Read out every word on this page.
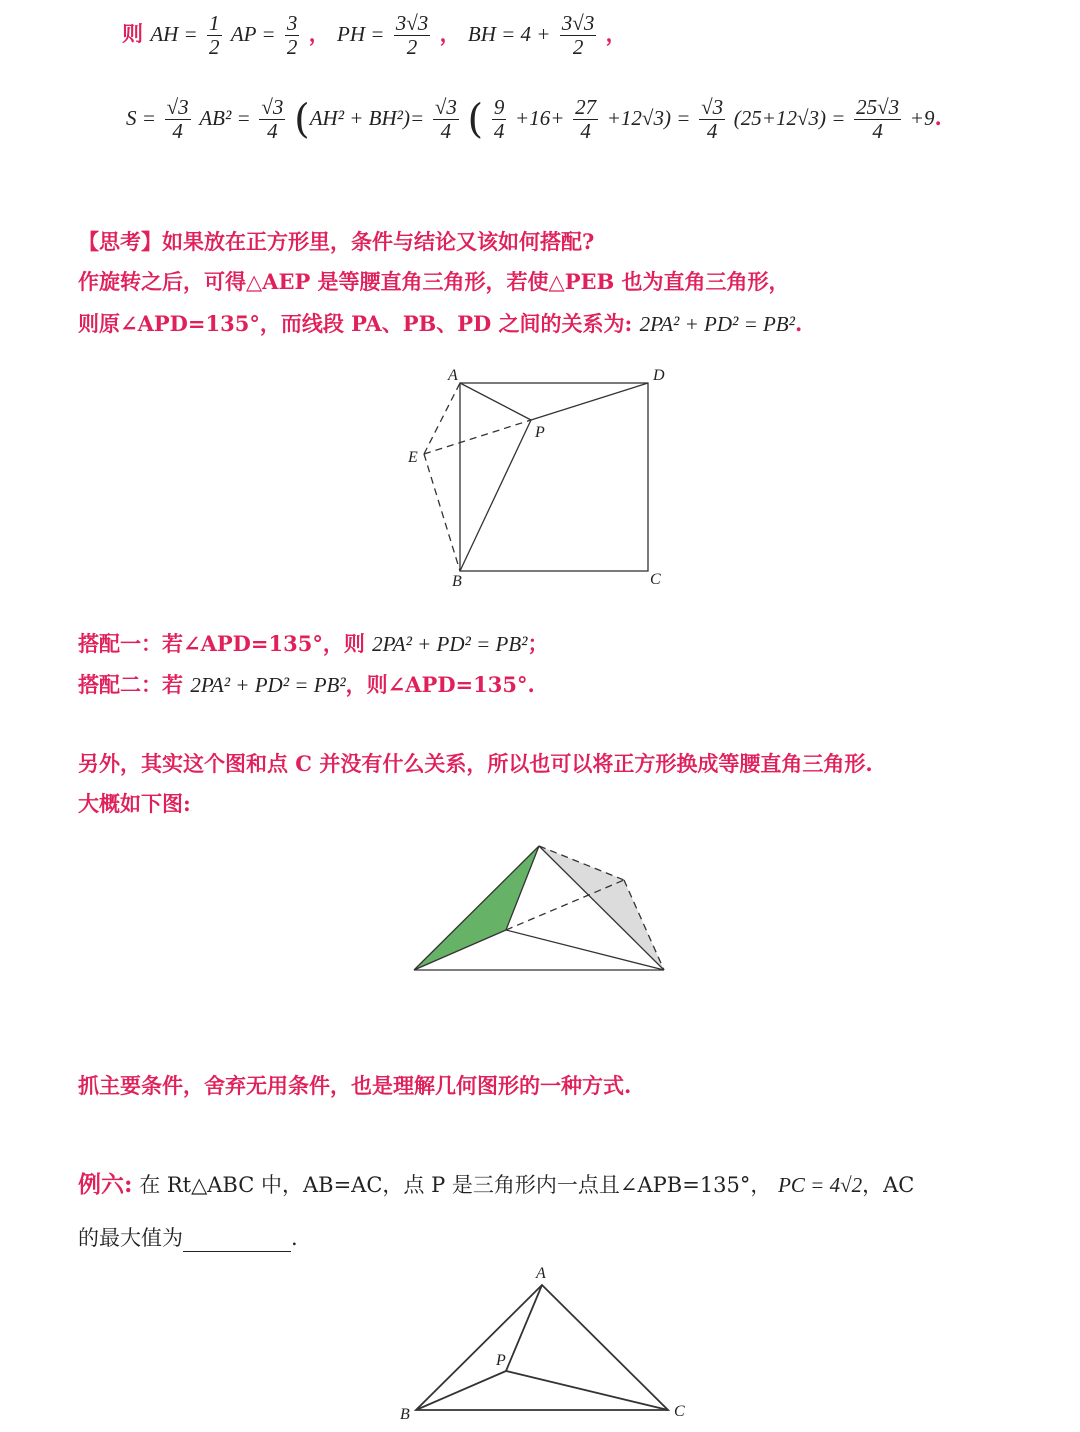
则 AH = $\frac{1}{2}$ AP = $\frac{3}{2}$ ， PH = $\frac{3√3}{2}$ ， BH = $4 + \frac{3√3}{2}$ ，
$S = \frac{√3}{4} AB^2 = \frac{√3}{4} (AH^2 + BH^2)= \frac{√3}{4}$ ( $\frac{9}{4} +16+ \frac{27}{4} +12√3) = \frac{√3}{4} (25+12√3) = \frac{25√3}{4} +9$.
【思考】如果放在正方形里，条件与结论又该如何搭配?
作旋转之后，可得△AEP 是等腰直角三角形，若使△PEB 也为直角三角形，
则原∠APD=135°，而线段 PA、PB、PD 之间的关系为: 2PA² + PD² = PB².
A	D
P
E
B	C
搭配一：若∠APD=135°，则 2PA² + PD² = PB²；
搭配二：若 2PA² + PD² = PB²，则∠APD=135°.
另外，其实这个图和点 C 并没有什么关系，所以也可以将正方形换成等腰直角三角形.
大概如下图:
抓主要条件，舍弃无用条件，也是理解几何图形的一种方式.
例六: 在 Rt△ABC 中，AB=AC，点 P 是三角形内一点且∠APB=135°， PC = 4√2，AC
的最大值为	.
A
P
B	C
